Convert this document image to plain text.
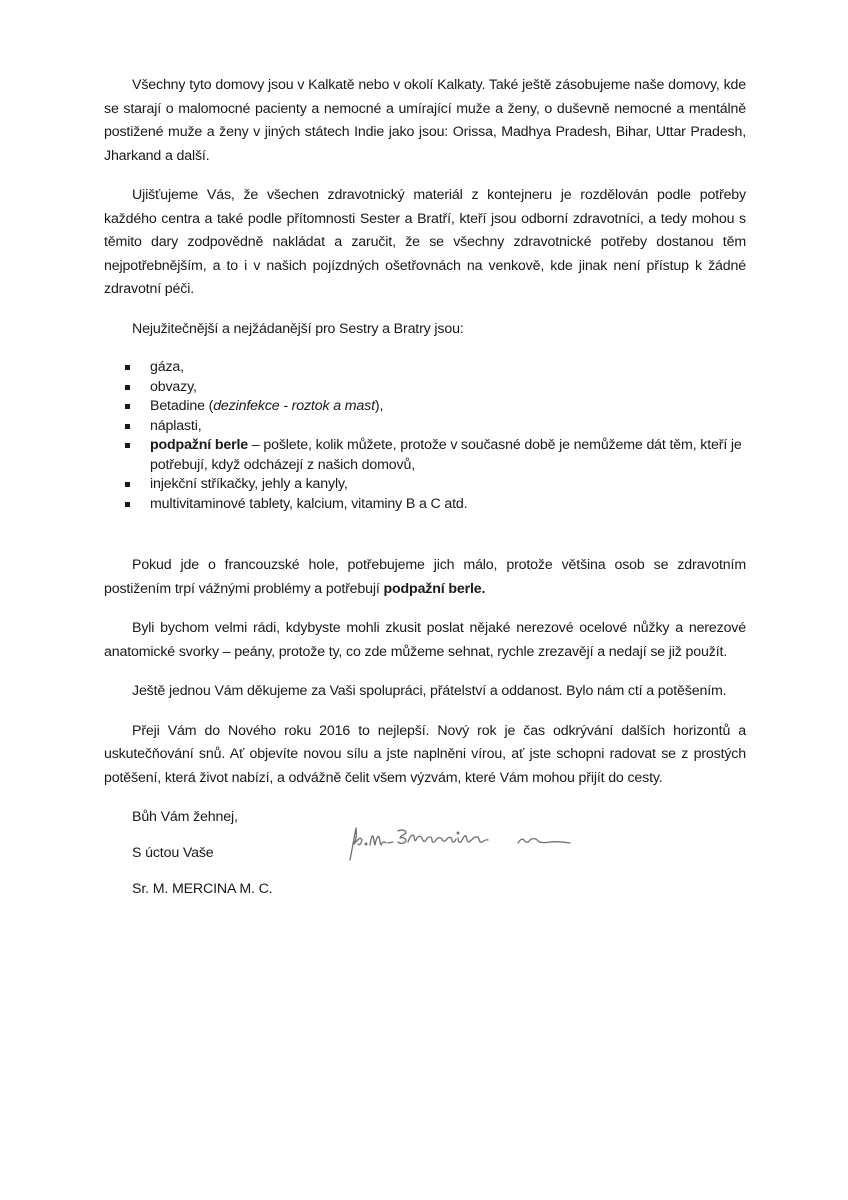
Všechny tyto domovy jsou v Kalkatě nebo v okolí Kalkaty. Také ještě zásobujeme naše domovy, kde se starají o malomocné pacienty a nemocné a umírající muže a ženy, o duševně nemocné a mentálně postižené muže a ženy v jiných státech Indie jako jsou: Orissa, Madhya Pradesh, Bihar, Uttar Pradesh, Jharkand a další.

Ujišťujeme Vás, že všechen zdravotnický materiál z kontejneru je rozdělován podle potřeby každého centra a také podle přítomnosti Sester a Bratří, kteří jsou odborní zdravotníci, a tedy mohou s těmito dary zodpovědně nakládat a zaručit, že se všechny zdravotnické potřeby dostanou těm nejpotřebnějším, a to i v našich pojízdných ošetřovnách na venkově, kde jinak není přístup k žádné zdravotní péči.

Nejužitečnější a nejžádanější pro Sestry a Bratry jsou:

gáza,
obvazy,
Betadine (dezinfekce - roztok a mast),
náplasti,
podpažní berle – pošlete, kolik můžete, protože v současné době je nemůžeme dát těm, kteří je potřebují, když odcházejí z našich domovů,
injekční stříkačky, jehly a kanyly,
multivitaminové tablety, kalcium, vitaminy B a C atd.

Pokud jde o francouzské hole, potřebujeme jich málo, protože většina osob se zdravotním postižením trpí vážnými problémy a potřebují podpažní berle.

Byli bychom velmi rádi, kdybyste mohli zkusit poslat nějaké nerezové ocelové nůžky a nerezové anatomické svorky – peány, protože ty, co zde můžeme sehnat, rychle zrezavějí a nedají se již použít.

Ještě jednou Vám děkujeme za Vaši spolupráci, přátelství a oddanost. Bylo nám ctí a potěšením.

Přeji Vám do Nového roku 2016 to nejlepší. Nový rok je čas odkrývání dalších horizontů a uskutečňování snů. Ať objevíte novou sílu a jste naplněni vírou, ať jste schopni radovat se z prostých potěšení, která život nabízí, a odvážně čelit všem výzvám, které Vám mohou přijít do cesty.

Bůh Vám žehnej,

S úctou Vaše

Sr. M. MERCINA M. C.
